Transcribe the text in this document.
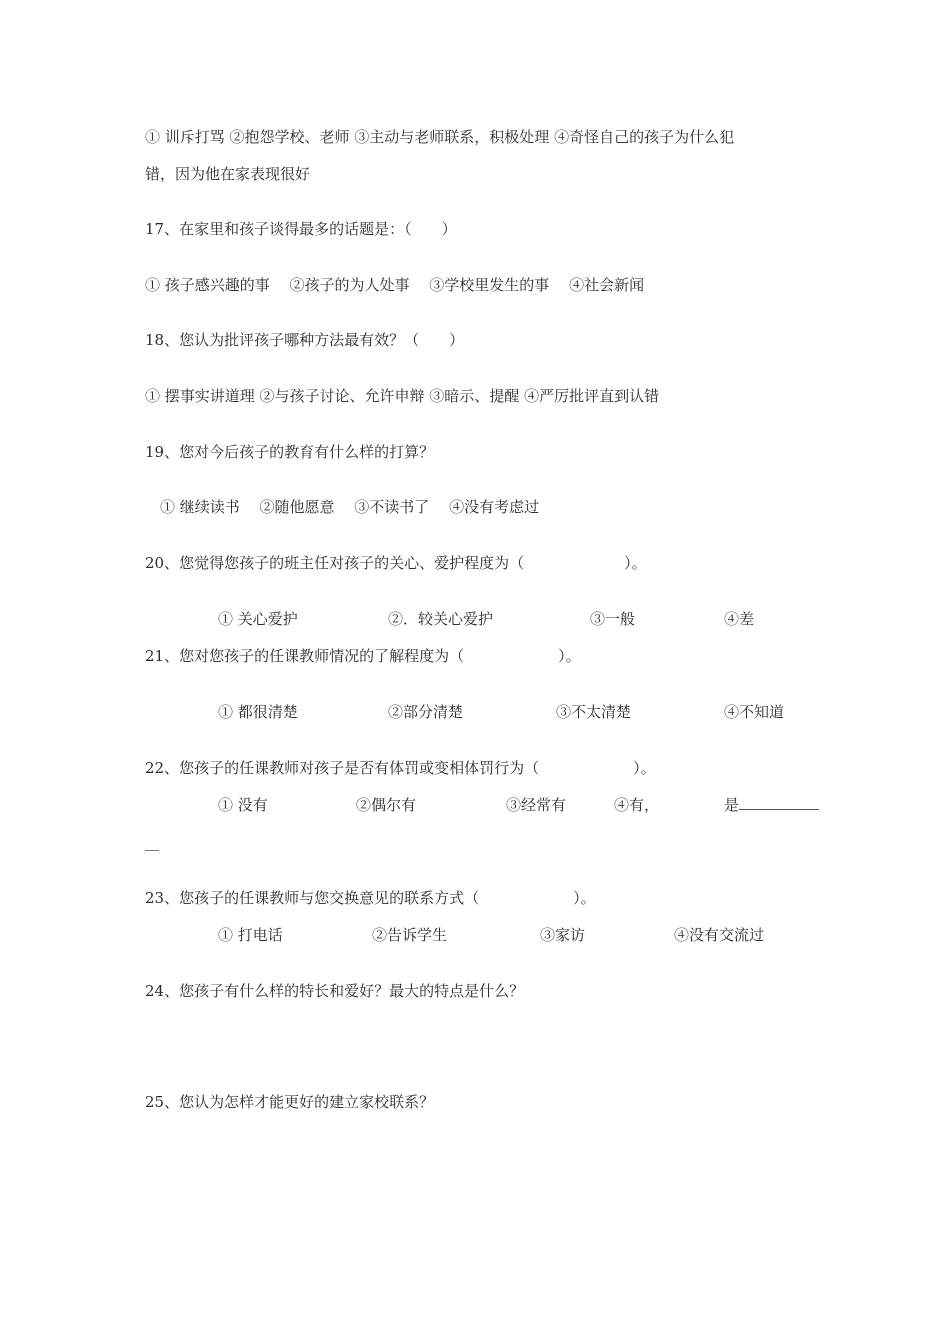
① 训斥打骂 ②抱怨学校、老师 ③主动与老师联系，积极处理 ④奇怪自己的孩子为什么犯
错，因为他在家表现很好
17、在家里和孩子谈得最多的话题是：（　　）
① 孩子感兴趣的事　 ②孩子的为人处事　 ③学校里发生的事　 ④社会新闻
18、您认为批评孩子哪种方法最有效？（　　）
① 摆事实讲道理 ②与孩子讨论、允许申辩 ③暗示、提醒 ④严厉批评直到认错
19、您对今后孩子的教育有什么样的打算？
① 继续读书　 ②随他愿意　 ③不读书了　 ④没有考虑过
20、您觉得您孩子的班主任对孩子的关心、爱护程度为（	）。
① 关心爱护	②．较关心爱护	③一般	④差
21、您对您孩子的任课教师情况的了解程度为（	）。
① 都很清楚	②部分清楚	③不太清楚	④不知道
22、您孩子的任课教师对孩子是否有体罚或变相体罚行为（	）。
① 没有	②偶尔有	③经常有	④有，	是
23、您孩子的任课教师与您交换意见的联系方式（	）。
① 打电话	②告诉学生	③家访	④没有交流过
24、您孩子有什么样的特长和爱好？最大的特点是什么？
25、您认为怎样才能更好的建立家校联系？
